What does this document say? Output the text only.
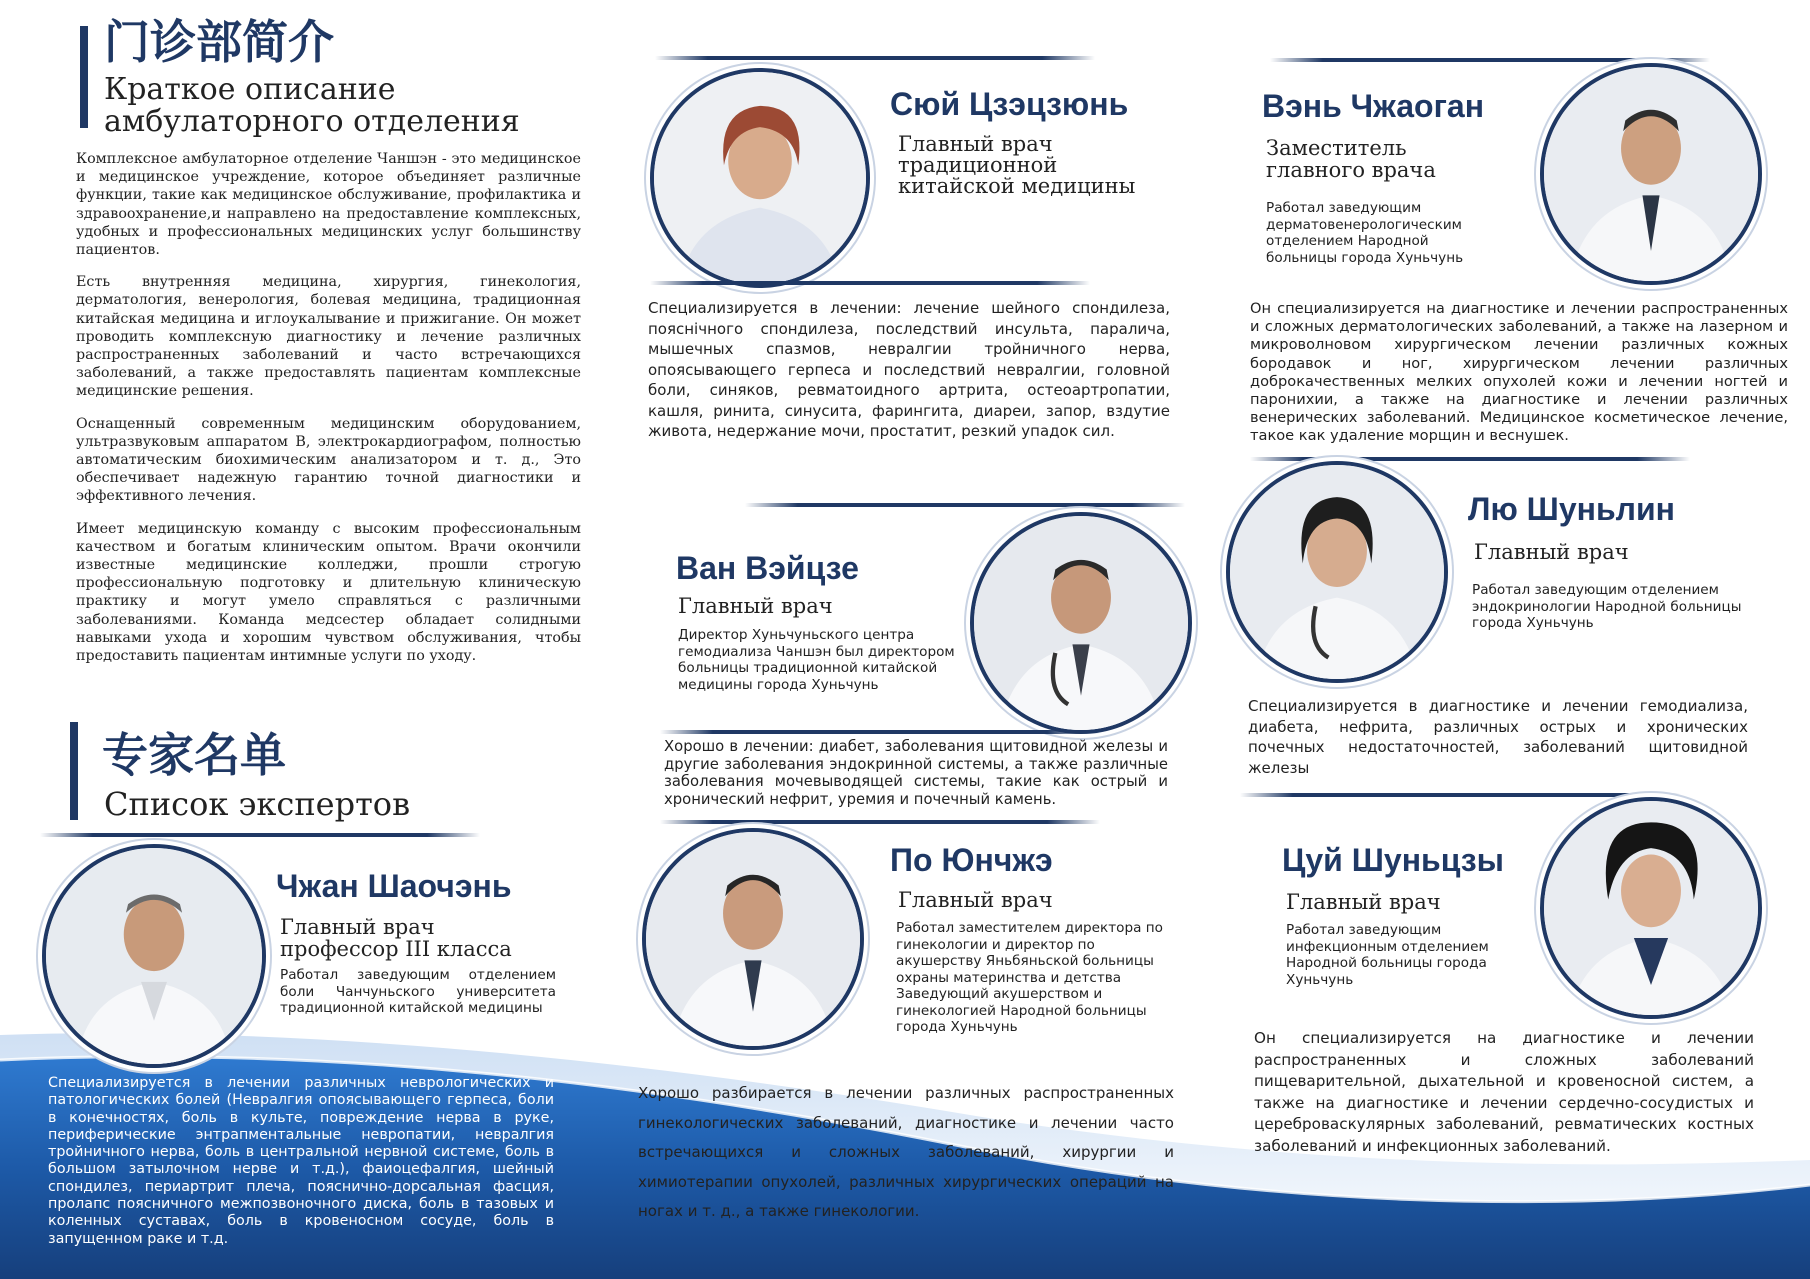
门诊部简介
Краткое описание
амбулаторного отделения

Комплексное амбулаторное отделение Чаншэн - это медицинское и медицинское учреждение, которое объединяет различные функции, такие как медицинское обслуживание, профилактика и здравоохранение,и направлено на предоставление комплексных, удобных и профессиональных медицинских услуг большинству пациентов.

Есть внутренняя медицина, хирургия, гинекология, дерматология, венерология, болевая медицина, традиционная китайская медицина и иглоукалывание и прижигание. Он может проводить комплексную диагностику и лечение различных распространенных заболеваний и часто встречающихся заболеваний, а также предоставлять пациентам комплексные медицинские решения.

Оснащенный современным медицинским оборудованием, ультразвуковым аппаратом B, электрокардиографом, полностью автоматическим биохимическим анализатором и т. д., Это обеспечивает надежную гарантию точной диагностики и эффективного лечения.

Имеет медицинскую команду с высоким профессиональным качеством и богатым клиническим опытом. Врачи окончили известные медицинские колледжи, прошли строгую профессиональную подготовку и длительную клиническую практику и могут умело справляться с различными заболеваниями. Команда медсестер обладает солидными навыками ухода и хорошим чувством обслуживания, чтобы предоставить пациентам интимные услуги по уходу.

专家名单
Список экспертов
Чжан Шаочэнь
Главный врач
профессор III класса
Работал заведующим отделением боли Чанчуньского университета традиционной китайской медицины
Специализируется в лечении различных неврологических и патологических болей (Невралгия опоясывающего герпеса, боли в конечностях, боль в культе, повреждение нерва в руке, периферические энтрапментальные невропатии, невралгия тройничного нерва, боль в центральной нервной системе, боль в большом затылочном нерве и т.д.), фаиоцефалгия, шейный спондилез, периартрит плеча, пояснично-дорсальная фасция, пролапс поясничного межпозвоночного диска, боль в тазовых и коленных суставах, боль в кровеносном сосуде, боль в запущенном раке и т.д.
Сюй Цзэцзюнь
Главный врач
традиционной
китайской медицины
Специализируется в лечении: лечение шейного спондилеза, пояснічного спондилеза, последствий инсульта, паралича, мышечных спазмов, невралгии тройничного нерва, опоясывающего герпеса и последствий невралгии, головной боли, синяков, ревматоидного артрита, остеоартропатии, кашля, ринита, синусита, фарингита, диареи, запор, вздутие живота, недержание мочи, простатит, резкий упадок сил.
Вэнь Чжаоган
Заместитель
главного врача
Работал заведующим дерматовенерологическим отделением Народной больницы города Хуньчунь
Он специализируется на диагностике и лечении распространенных и сложных дерматологических заболеваний, а также на лазерном и микроволновом хирургическом лечении различных кожных бородавок и ног, хирургическом лечении различных доброкачественных мелких опухолей кожи и лечении ногтей и паронихии, а также на диагностике и лечении различных венерических заболеваний. Медицинское косметическое лечение, такое как удаление морщин и веснушек.
Ван Вэйцзе
Главный врач
Директор Хуньчуньского центра гемодиализа Чаншэн был директором больницы традиционной китайской медицины города Хуньчунь
Хорошо в лечении: диабет, заболевания щитовидной железы и другие заболевания эндокринной системы, а также различные заболевания мочевыводящей системы, такие как острый и хронический нефрит, уремия и почечный камень.
Лю Шуньлин
Главный врач
Работал заведующим отделением эндокринологии Народной больницы города Хуньчунь
Специализируется в диагностике и лечении гемодиализа, диабета, нефрита, различных острых и хронических почечных недостаточностей, заболеваний щитовидной железы
По Юнчжэ
Главный врач
Работал заместителем директора по гинекологии и директор по акушерству Яньбяньской больницы охраны материнства и детства Заведующий акушерством и гинекологией Народной больницы города Хуньчунь
Хорошо разбирается в лечении различных распространенных гинекологических заболеваний, диагностике и лечении часто встречающихся и сложных заболеваний, хирургии и химиотерапии опухолей, различных хирургических операций на ногах и т. д., а также гинекологии.
Цуй Шуньцзы
Главный врач
Работал заведующим инфекционным отделением Народной больницы города Хуньчунь
Он специализируется на диагностике и лечении распространенных и сложных заболеваний пищеварительной, дыхательной и кровеносной систем, а также на диагностике и лечении сердечно-сосудистых и цереброваскулярных заболеваний, ревматических костных заболеваний и инфекционных заболеваний.
